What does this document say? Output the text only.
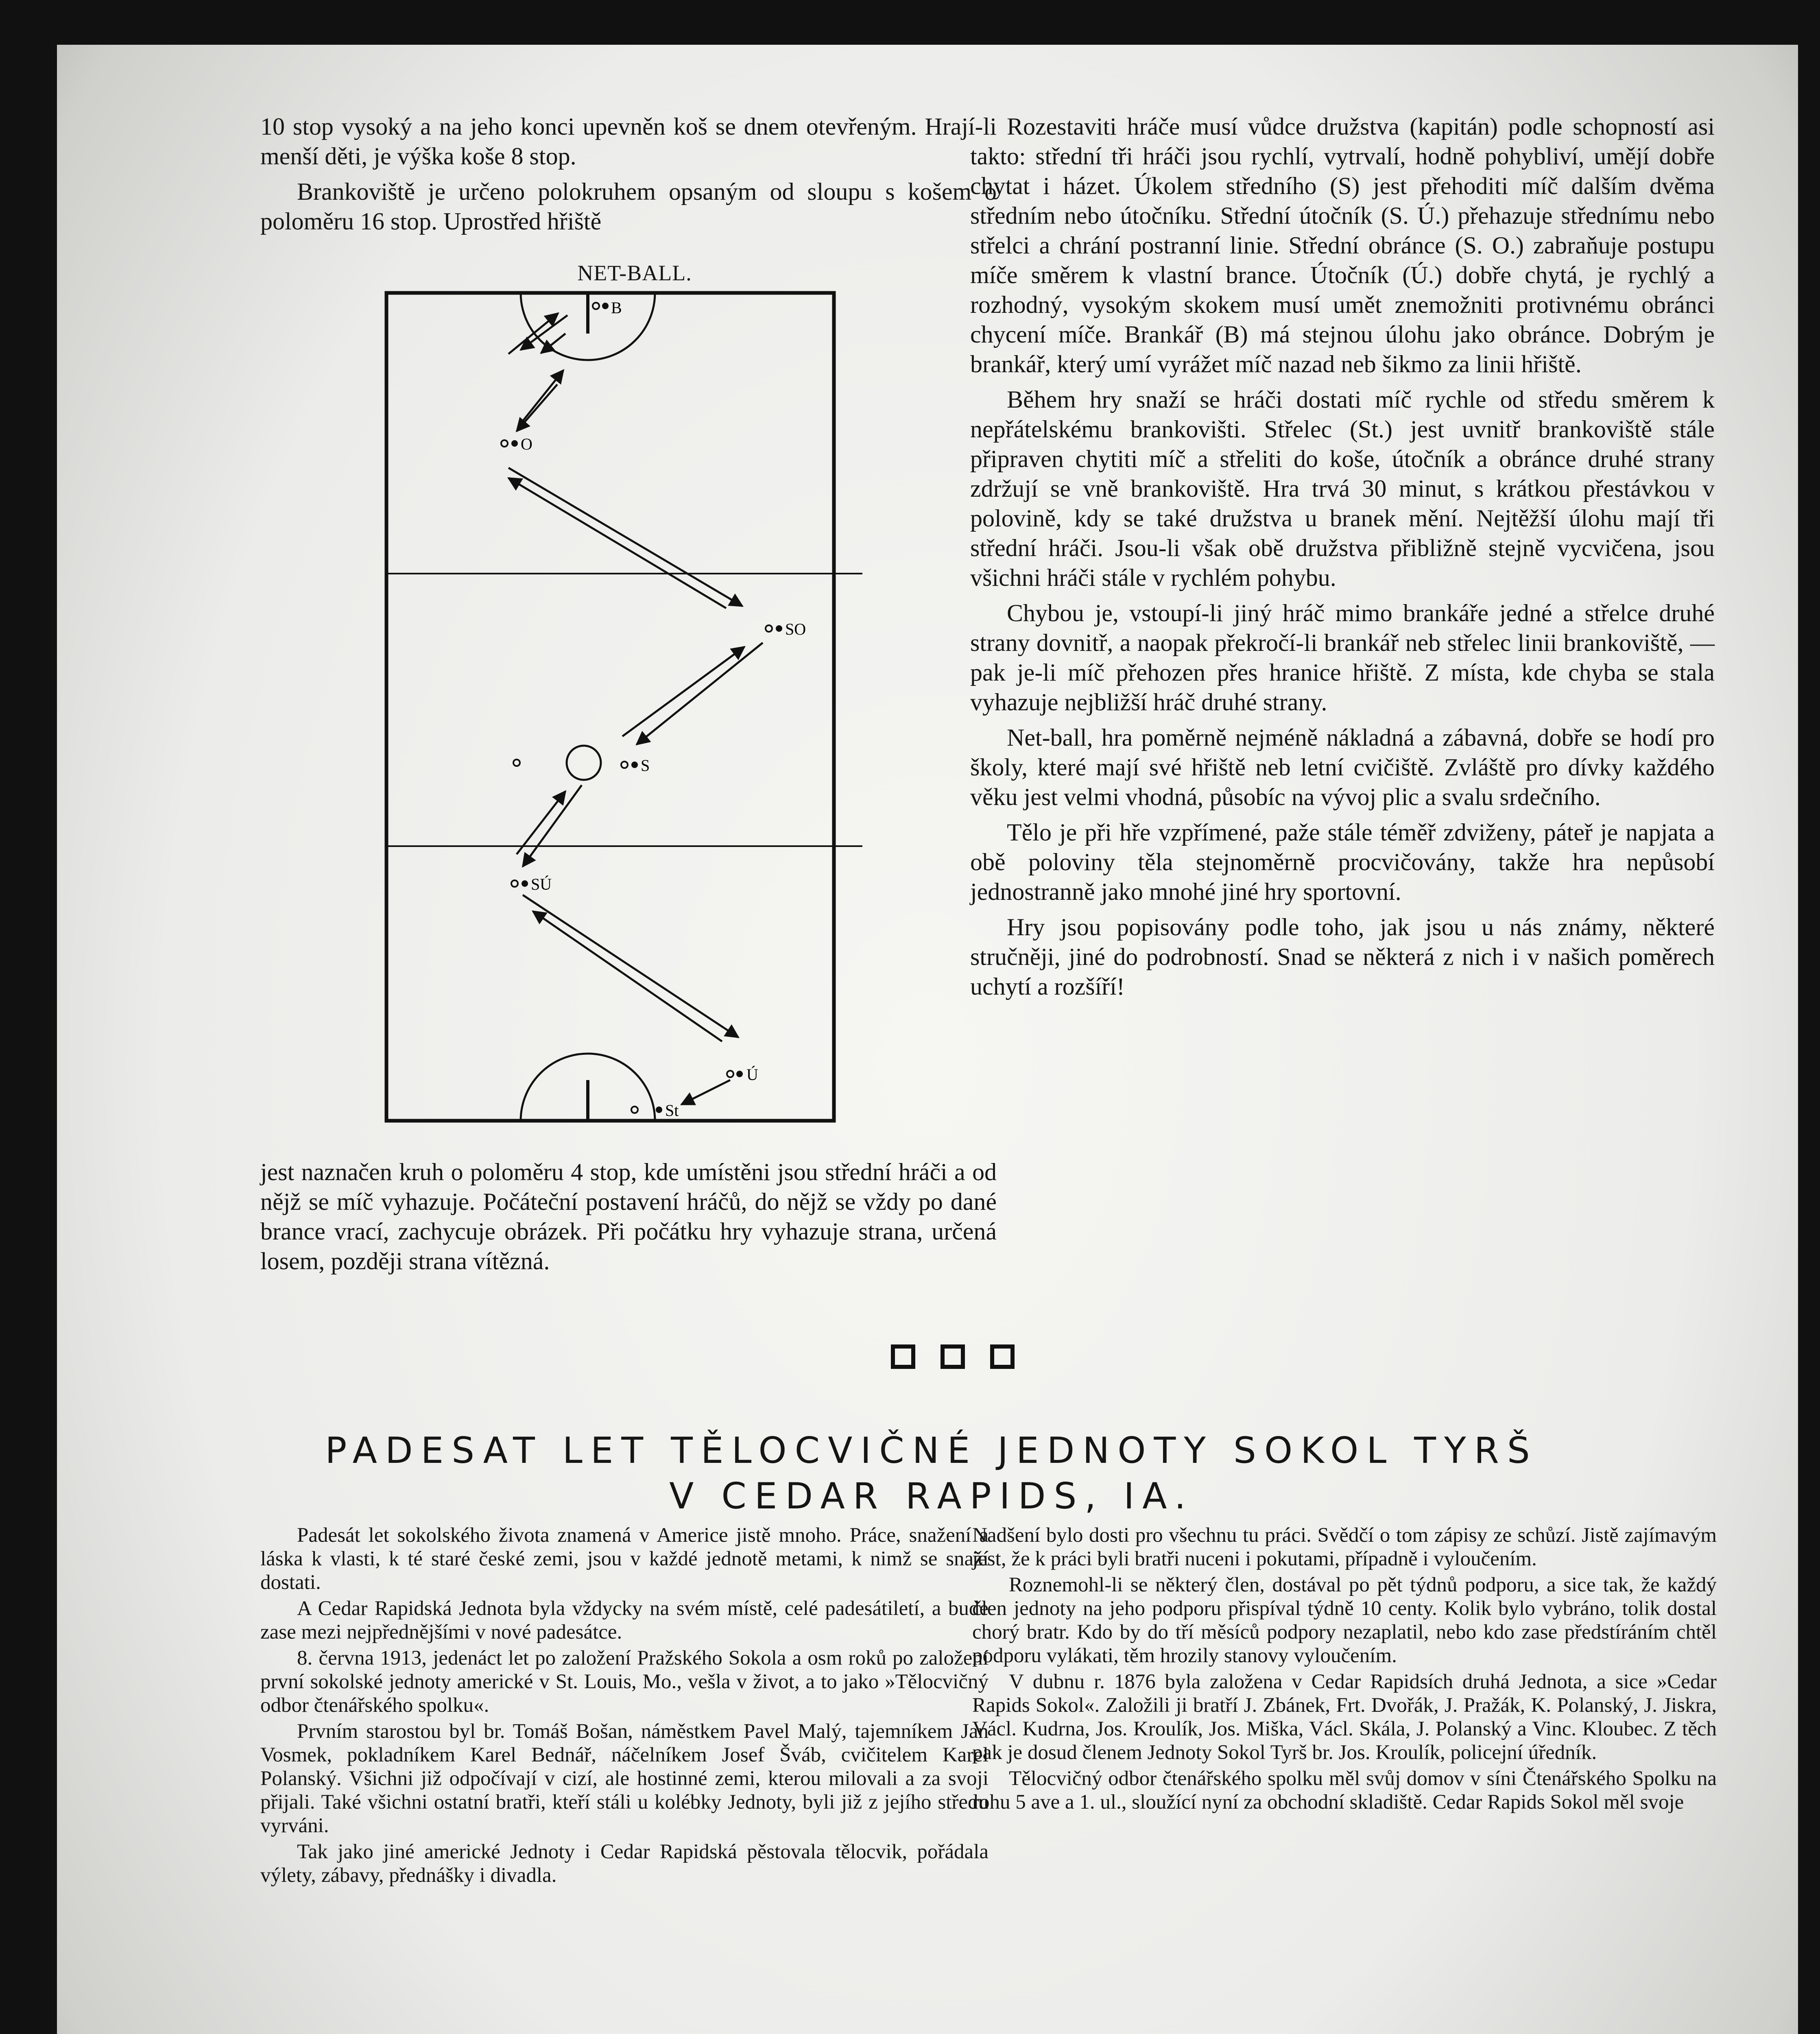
10 stop vysoký a na jeho konci upevněn koš se dnem otevřeným. Hrají-li menší děti, je výška koše 8 stop.

Brankoviště je určeno polokruhem opsaným od sloupu s košem o poloměru 16 stop. Uprostřed hřiště

NET-BALL.
B
O
SO
S
SÚ
Ú
St

jest naznačen kruh o poloměru 4 stop, kde umístěni jsou střední hráči a od nějž se míč vyhazuje. Počáteční postavení hráčů, do nějž se vždy po dané brance vrací, zachycuje obrázek. Při počátku hry vyhazuje strana, určená losem, později strana vítězná.

Rozestaviti hráče musí vůdce družstva (kapitán) podle schopností asi takto: střední tři hráči jsou rychlí, vytrvalí, hodně pohybliví, umějí dobře chytat i házet. Úkolem středního (S) jest přehoditi míč dalším dvěma středním nebo útočníku. Střední útočník (S. Ú.) přehazuje střednímu nebo střelci a chrání postranní linie. Střední obránce (S. O.) zabraňuje postupu míče směrem k vlastní brance. Útočník (Ú.) dobře chytá, je rychlý a rozhodný, vysokým skokem musí umět znemožniti protivnému obránci chycení míče. Brankář (B) má stejnou úlohu jako obránce. Dobrým je brankář, který umí vyrážet míč nazad neb šikmo za linii hřiště.

Během hry snaží se hráči dostati míč rychle od středu směrem k nepřátelskému brankovišti. Střelec (St.) jest uvnitř brankoviště stále připraven chytiti míč a střeliti do koše, útočník a obránce druhé strany zdržují se vně brankoviště. Hra trvá 30 minut, s krátkou přestávkou v polovině, kdy se také družstva u branek mění. Nejtěžší úlohu mají tři střední hráči. Jsou-li však obě družstva přibližně stejně vycvičena, jsou všichni hráči stále v rychlém pohybu.

Chybou je, vstoupí-li jiný hráč mimo brankáře jedné a střelce druhé strany dovnitř, a naopak překročí-li brankář neb střelec linii brankoviště, — pak je-li míč přehozen přes hranice hřiště. Z místa, kde chyba se stala vyhazuje nejbližší hráč druhé strany.

Net-ball, hra poměrně nejméně nákladná a zábavná, dobře se hodí pro školy, které mají své hřiště neb letní cvičiště. Zvláště pro dívky každého věku jest velmi vhodná, působíc na vývoj plic a svalu srdečního.

Tělo je při hře vzpřímené, paže stále téměř zdviženy, páteř je napjata a obě poloviny těla stejnoměrně procvičovány, takže hra nepůsobí jednostranně jako mnohé jiné hry sportovní.

Hry jsou popisovány podle toho, jak jsou u nás známy, některé stručněji, jiné do podrobností. Snad se některá z nich i v našich poměrech uchytí a rozšíří!

PADESAT LET TĚLOCVIČNÉ JEDNOTY SOKOL TYRŠ
V CEDAR RAPIDS, IA.

Padesát let sokolského života znamená v Americe jistě mnoho. Práce, snažení a láska k vlasti, k té staré české zemi, jsou v každé jednotě metami, k nimž se snaží dostati.

A Cedar Rapidská Jednota byla vždycky na svém místě, celé padesátiletí, a bude zase mezi nejpřednějšími v nové padesátce.

8. června 1913, jedenáct let po založení Pražského Sokola a osm roků po založení první sokolské jednoty americké v St. Louis, Mo., vešla v život, a to jako »Tělocvičný odbor čtenářského spolku«.

Prvním starostou byl br. Tomáš Bošan, náměstkem Pavel Malý, tajemníkem Jan Vosmek, pokladníkem Karel Bednář, náčelníkem Josef Šváb, cvičitelem Karel Polanský. Všichni již odpočívají v cizí, ale hostinné zemi, kterou milovali a za svoji přijali. Také všichni ostatní bratři, kteří stáli u kolébky Jednoty, byli již z jejího středu vyrváni.

Tak jako jiné americké Jednoty i Cedar Rapidská pěstovala tělocvik, pořádala výlety, zábavy, přednášky i divadla.

Nadšení bylo dosti pro všechnu tu práci. Svědčí o tom zápisy ze schůzí. Jistě zajímavým jest, že k práci byli bratři nuceni i pokutami, případně i vyloučením.

Roznemohl-li se některý člen, dostával po pět týdnů podporu, a sice tak, že každý člen jednoty na jeho podporu přispíval týdně 10 centy. Kolik bylo vybráno, tolik dostal chorý bratr. Kdo by do tří měsíců podpory nezaplatil, nebo kdo zase předstíráním chtěl podporu vylákati, těm hrozily stanovy vyloučením.

V dubnu r. 1876 byla založena v Cedar Rapidsích druhá Jednota, a sice »Cedar Rapids Sokol«. Založili ji bratří J. Zbánek, Frt. Dvořák, J. Pražák, K. Polanský, J. Jiskra, Václ. Kudrna, Jos. Kroulík, Jos. Miška, Václ. Skála, J. Polanský a Vinc. Kloubec. Z těch pak je dosud členem Jednoty Sokol Tyrš br. Jos. Kroulík, policejní úředník.

Tělocvičný odbor čtenářského spolku měl svůj domov v síni Čtenářského Spolku na rohu 5 ave a 1. ul., sloužící nyní za obchodní skladiště. Cedar Rapids Sokol měl svoje
